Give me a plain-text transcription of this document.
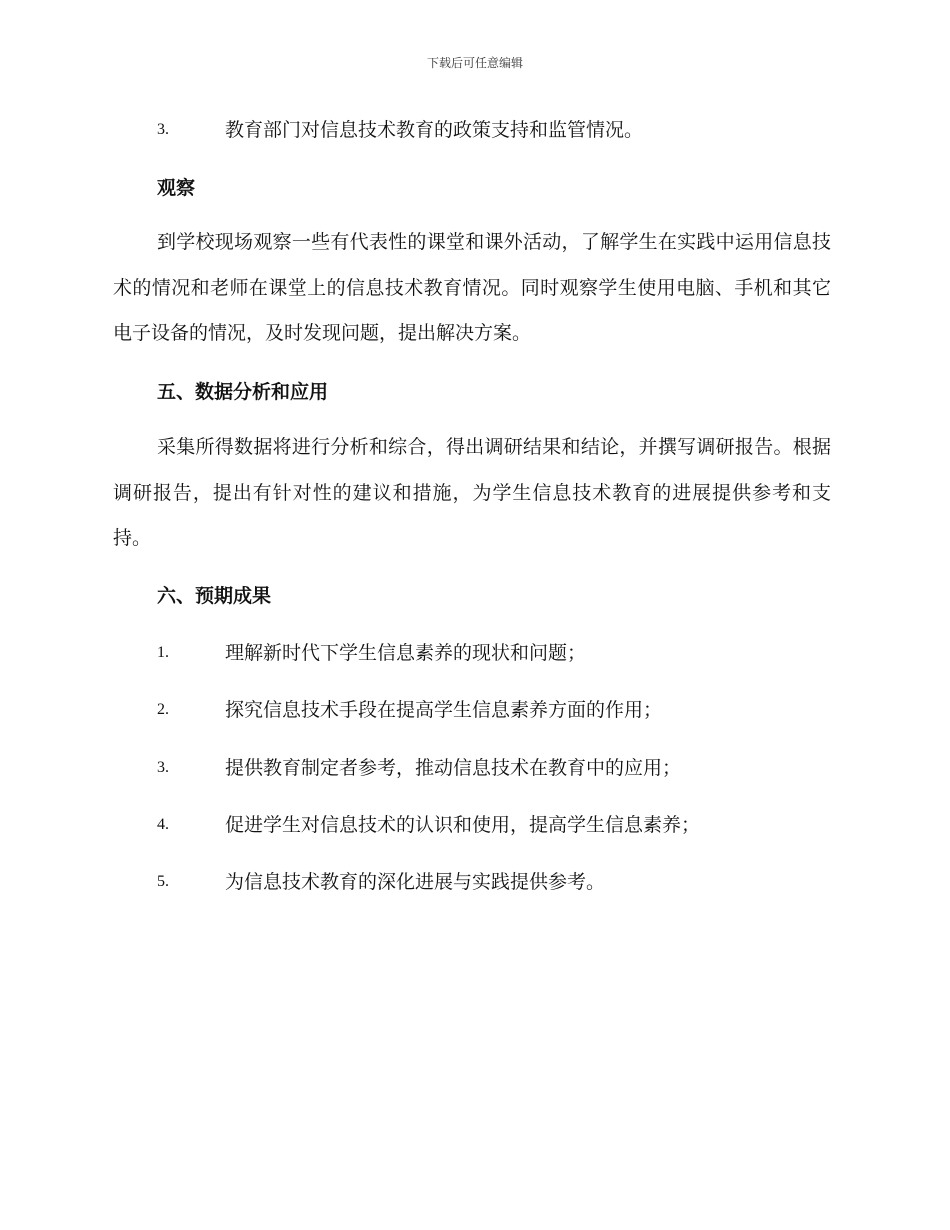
下载后可任意编辑
3.	教育部门对信息技术教育的政策支持和监管情况。
观察
到学校现场观察一些有代表性的课堂和课外活动，了解学生在实践中运用信息技术的情况和老师在课堂上的信息技术教育情况。同时观察学生使用电脑、手机和其它电子设备的情况，及时发现问题，提出解决方案。
五、数据分析和应用
采集所得数据将进行分析和综合，得出调研结果和结论，并撰写调研报告。根据调研报告，提出有针对性的建议和措施，为学生信息技术教育的进展提供参考和支持。
六、预期成果
1.	理解新时代下学生信息素养的现状和问题；
2.	探究信息技术手段在提高学生信息素养方面的作用；
3.	提供教育制定者参考，推动信息技术在教育中的应用；
4.	促进学生对信息技术的认识和使用，提高学生信息素养；
5.	为信息技术教育的深化进展与实践提供参考。
